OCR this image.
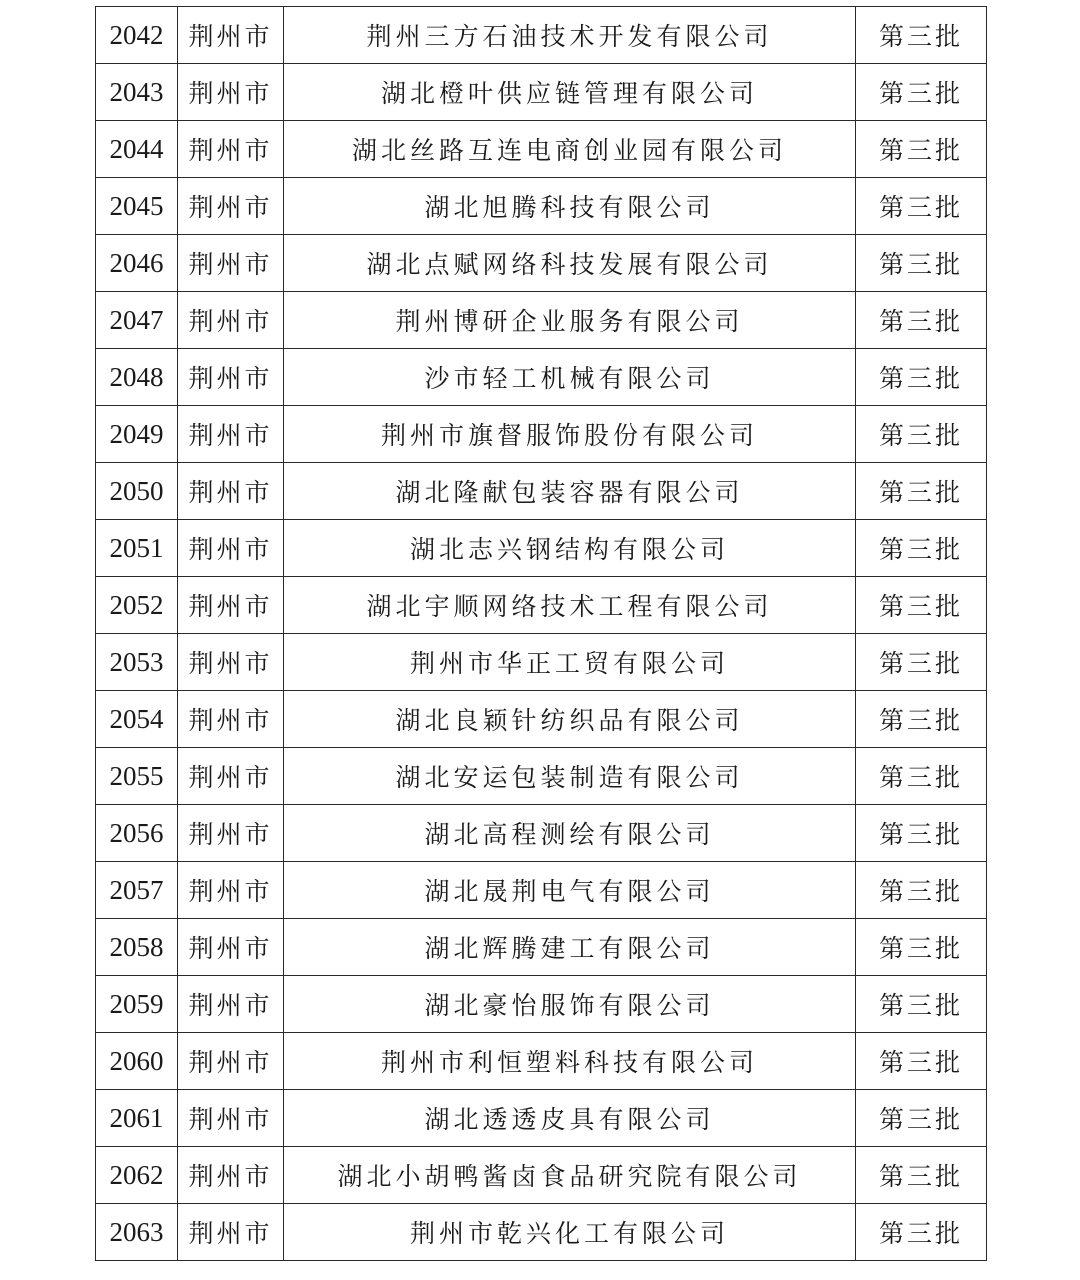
2042	荆州市	荆州三方石油技术开发有限公司	第三批
2043	荆州市	湖北橙叶供应链管理有限公司	第三批
2044	荆州市	湖北丝路互连电商创业园有限公司	第三批
2045	荆州市	湖北旭腾科技有限公司	第三批
2046	荆州市	湖北点赋网络科技发展有限公司	第三批
2047	荆州市	荆州博研企业服务有限公司	第三批
2048	荆州市	沙市轻工机械有限公司	第三批
2049	荆州市	荆州市旗督服饰股份有限公司	第三批
2050	荆州市	湖北隆献包装容器有限公司	第三批
2051	荆州市	湖北志兴钢结构有限公司	第三批
2052	荆州市	湖北宇顺网络技术工程有限公司	第三批
2053	荆州市	荆州市华正工贸有限公司	第三批
2054	荆州市	湖北良颖针纺织品有限公司	第三批
2055	荆州市	湖北安运包装制造有限公司	第三批
2056	荆州市	湖北高程测绘有限公司	第三批
2057	荆州市	湖北晟荆电气有限公司	第三批
2058	荆州市	湖北辉腾建工有限公司	第三批
2059	荆州市	湖北豪怡服饰有限公司	第三批
2060	荆州市	荆州市利恒塑料科技有限公司	第三批
2061	荆州市	湖北透透皮具有限公司	第三批
2062	荆州市	湖北小胡鸭酱卤食品研究院有限公司	第三批
2063	荆州市	荆州市乾兴化工有限公司	第三批
